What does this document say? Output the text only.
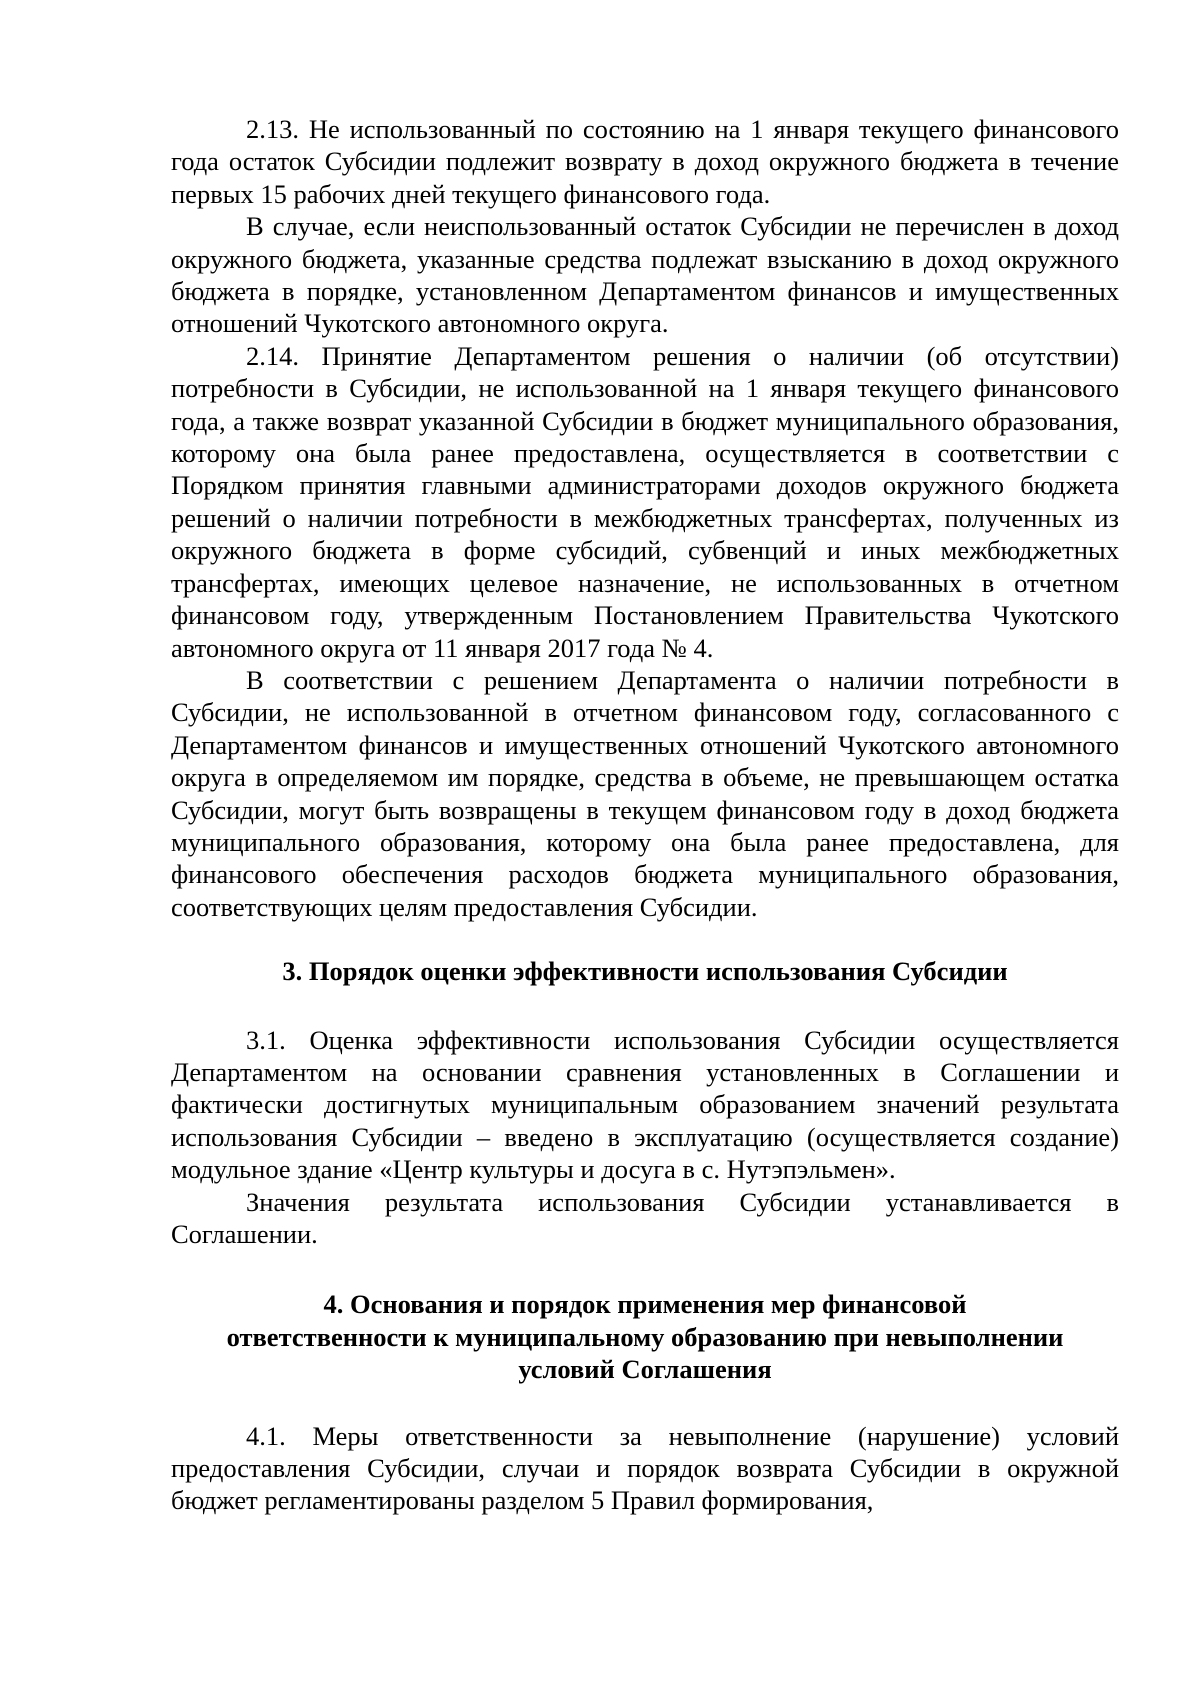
2.13. Не использованный по состоянию на 1 января текущего финансового года остаток Субсидии подлежит возврату в доход окружного бюджета в течение первых 15 рабочих дней текущего финансового года.

В случае, если неиспользованный остаток Субсидии не перечислен в доход окружного бюджета, указанные средства подлежат взысканию в доход окружного бюджета в порядке, установленном Департаментом финансов и имущественных отношений Чукотского автономного округа.

2.14. Принятие Департаментом решения о наличии (об отсутствии) потребности в Субсидии, не использованной на 1 января текущего финансового года, а также возврат указанной Субсидии в бюджет муниципального образования, которому она была ранее предоставлена, осуществляется в соответствии с Порядком принятия главными администраторами доходов окружного бюджета решений о наличии потребности в межбюджетных трансфертах, полученных из окружного бюджета в форме субсидий, субвенций и иных межбюджетных трансфертах, имеющих целевое назначение, не использованных в отчетном финансовом году, утвержденным Постановлением Правительства Чукотского автономного округа от 11 января 2017 года № 4.

В соответствии с решением Департамента о наличии потребности в Субсидии, не использованной в отчетном финансовом году, согласованного с Департаментом финансов и имущественных отношений Чукотского автономного округа в определяемом им порядке, средства в объеме, не превышающем остатка Субсидии, могут быть возвращены в текущем финансовом году в доход бюджета муниципального образования, которому она была ранее предоставлена, для финансового обеспечения расходов бюджета муниципального образования, соответствующих целям предоставления Субсидии.

3. Порядок оценки эффективности использования Субсидии

3.1. Оценка эффективности использования Субсидии осуществляется Департаментом на основании сравнения установленных в Соглашении и фактически достигнутых муниципальным образованием значений результата использования Субсидии – введено в эксплуатацию (осуществляется создание) модульное здание «Центр культуры и досуга в с. Нутэпэльмен».

Значения результата использования Субсидии устанавливается в Соглашении.

4. Основания и порядок применения мер финансовой
ответственности к муниципальному образованию при невыполнении
условий Соглашения

4.1. Меры ответственности за невыполнение (нарушение) условий предоставления Субсидии, случаи и порядок возврата Субсидии в окружной бюджет регламентированы разделом 5 Правил формирования,
